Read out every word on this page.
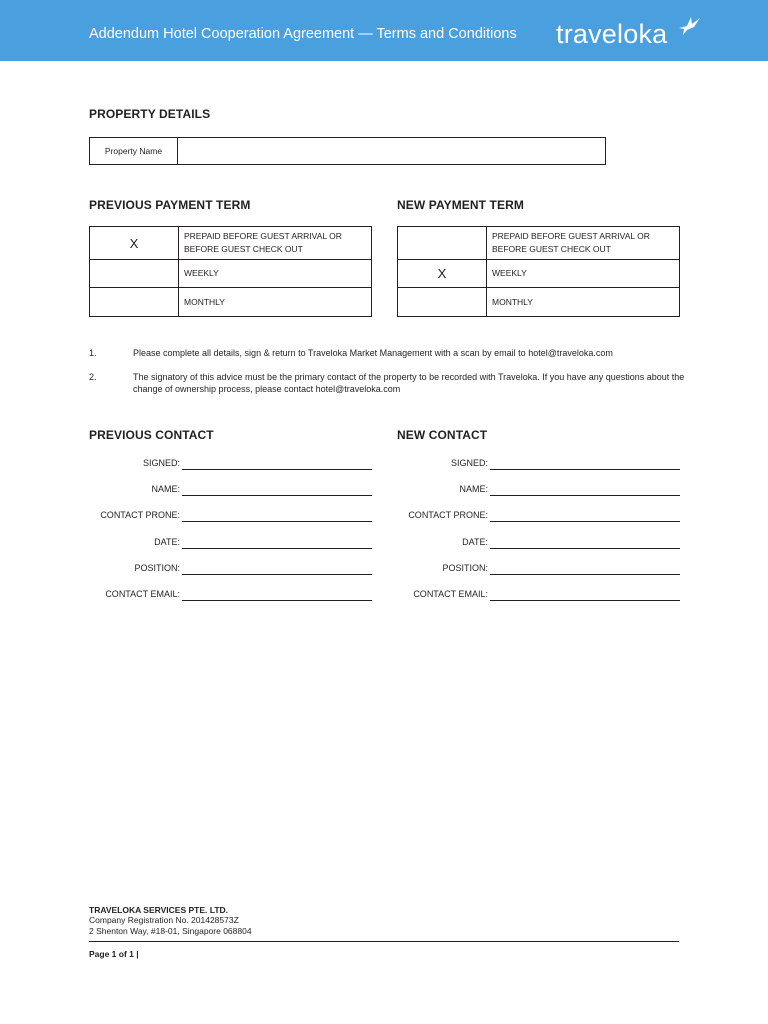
Addendum Hotel Cooperation Agreement — Terms and Conditions traveloka
PROPERTY DETAILS
Property Name
PREVIOUS PAYMENT TERM
X	PREPAID BEFORE GUEST ARRIVAL OR BEFORE GUEST CHECK OUT
	WEEKLY
	MONTHLY
NEW PAYMENT TERM
	PREPAID BEFORE GUEST ARRIVAL OR BEFORE GUEST CHECK OUT
X	WEEKLY
	MONTHLY
1.	Please complete all details, sign & return to Traveloka Market Management with a scan by email to hotel@traveloka.com
2.	The signatory of this advice must be the primary contact of the property to be recorded with Traveloka. If you have any questions about the change of ownership process, please contact hotel@traveloka.com
PREVIOUS CONTACT
SIGNED:
NAME:
CONTACT PRONE:
DATE:
POSITION:
CONTACT EMAIL:
NEW CONTACT
SIGNED:
NAME:
CONTACT PRONE:
DATE:
POSITION:
CONTACT EMAIL:
TRAVELOKA SERVICES PTE. LTD.
Company Registration No. 201428573Z
2 Shenton Way, #18-01, Singapore 068804
Page 1 of 1 |
